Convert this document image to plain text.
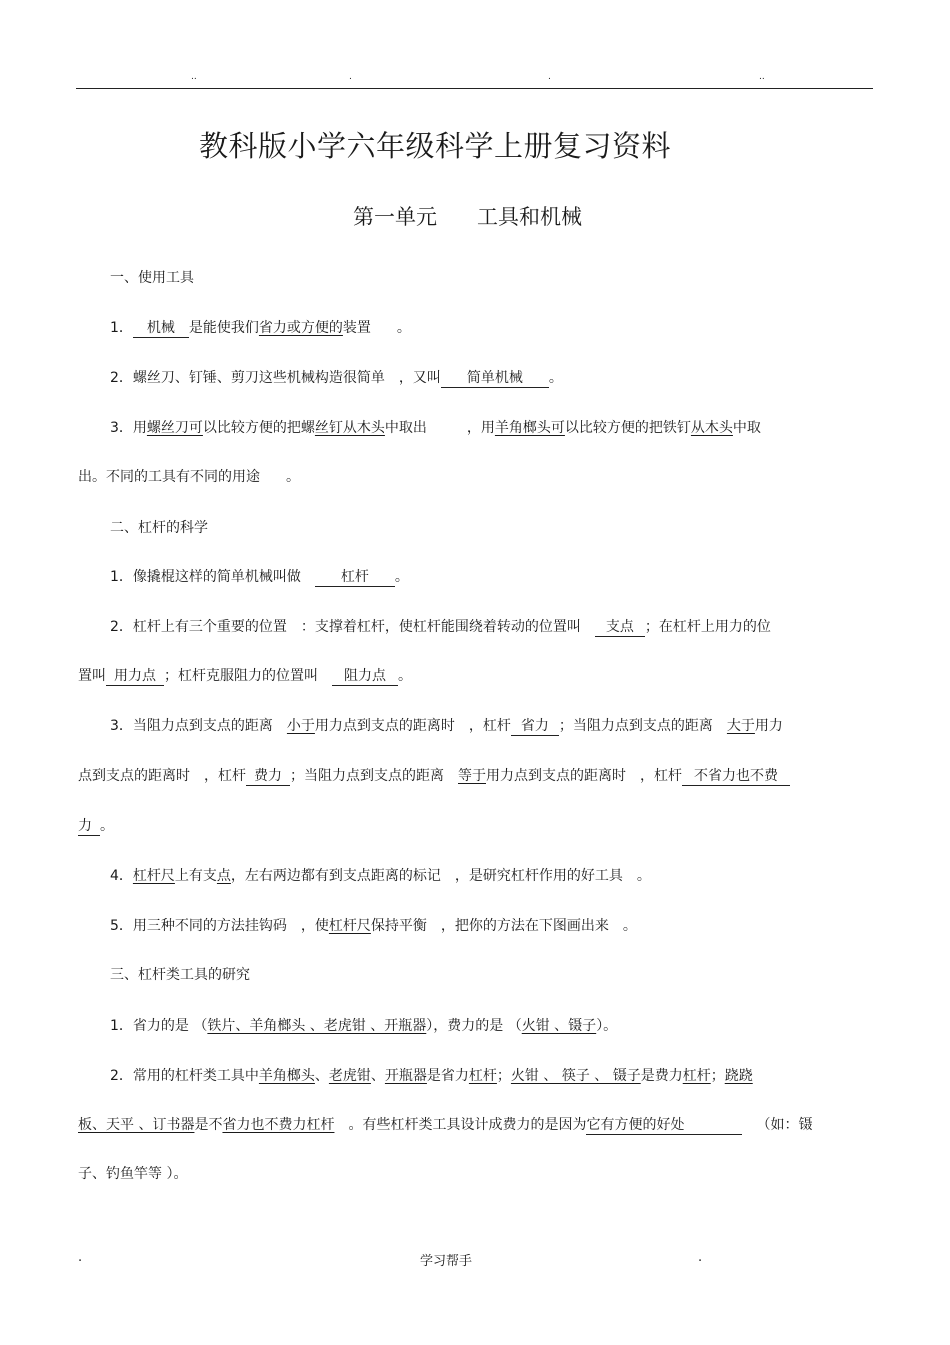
..	.	.	..
教科版小学六年级科学上册复习资料
第一单元 工具和机械
一、使用工具
1． 机械 是能使我们省力或方便的装置 。
2．螺丝刀、钉锤、剪刀这些机械构造很简单 ，又叫 简单机械 。
3．用螺丝刀可以比较方便的把螺丝钉从木头中取出	，用羊角榔头可以比较方便的把铁钉从木头中取
出。不同的工具有不同的用途 。
二、杠杆的科学
1．像撬棍这样的简单机械叫做	杠杆 。
2．杠杆上有三个重要的位置 ：支撑着杠杆，使杠杆能围绕着转动的位置叫 支点 ；在杠杆上用力的位
置叫 用力点 ；杠杆克服阻力的位置叫 阻力点 。
3．当阻力点到支点的距离 小于用力点到支点的距离时 ，杠杆 省力 ；当阻力点到支点的距离 大于用力
点到支点的距离时 ，杠杆 费力 ；当阻力点到支点的距离 等于用力点到支点的距离时 ，杠杆 不省力也不费
力 。
4．杠杆尺上有支点，左右两边都有到支点距离的标记 ，是研究杠杆作用的好工具 。
5．用三种不同的方法挂钩码 ，使杠杆尺保持平衡 ，把你的方法在下图画出来 。
三、杠杆类工具的研究
1．省力的是 （铁片、羊角榔头 、老虎钳 、开瓶器），费力的是 （火钳 、镊子）。
2．常用的杠杆类工具中羊角榔头、老虎钳、开瓶器是省力杠杆；火钳 、 筷子 、 镊子是费力杠杆；跷跷
板、天平 、订书器是不省力也不费力杠杆 。有些杠杆类工具设计成费力的是因为它有方便的好处	（如：镊
子、钓鱼竿等 ）。
.	学习帮手	.
